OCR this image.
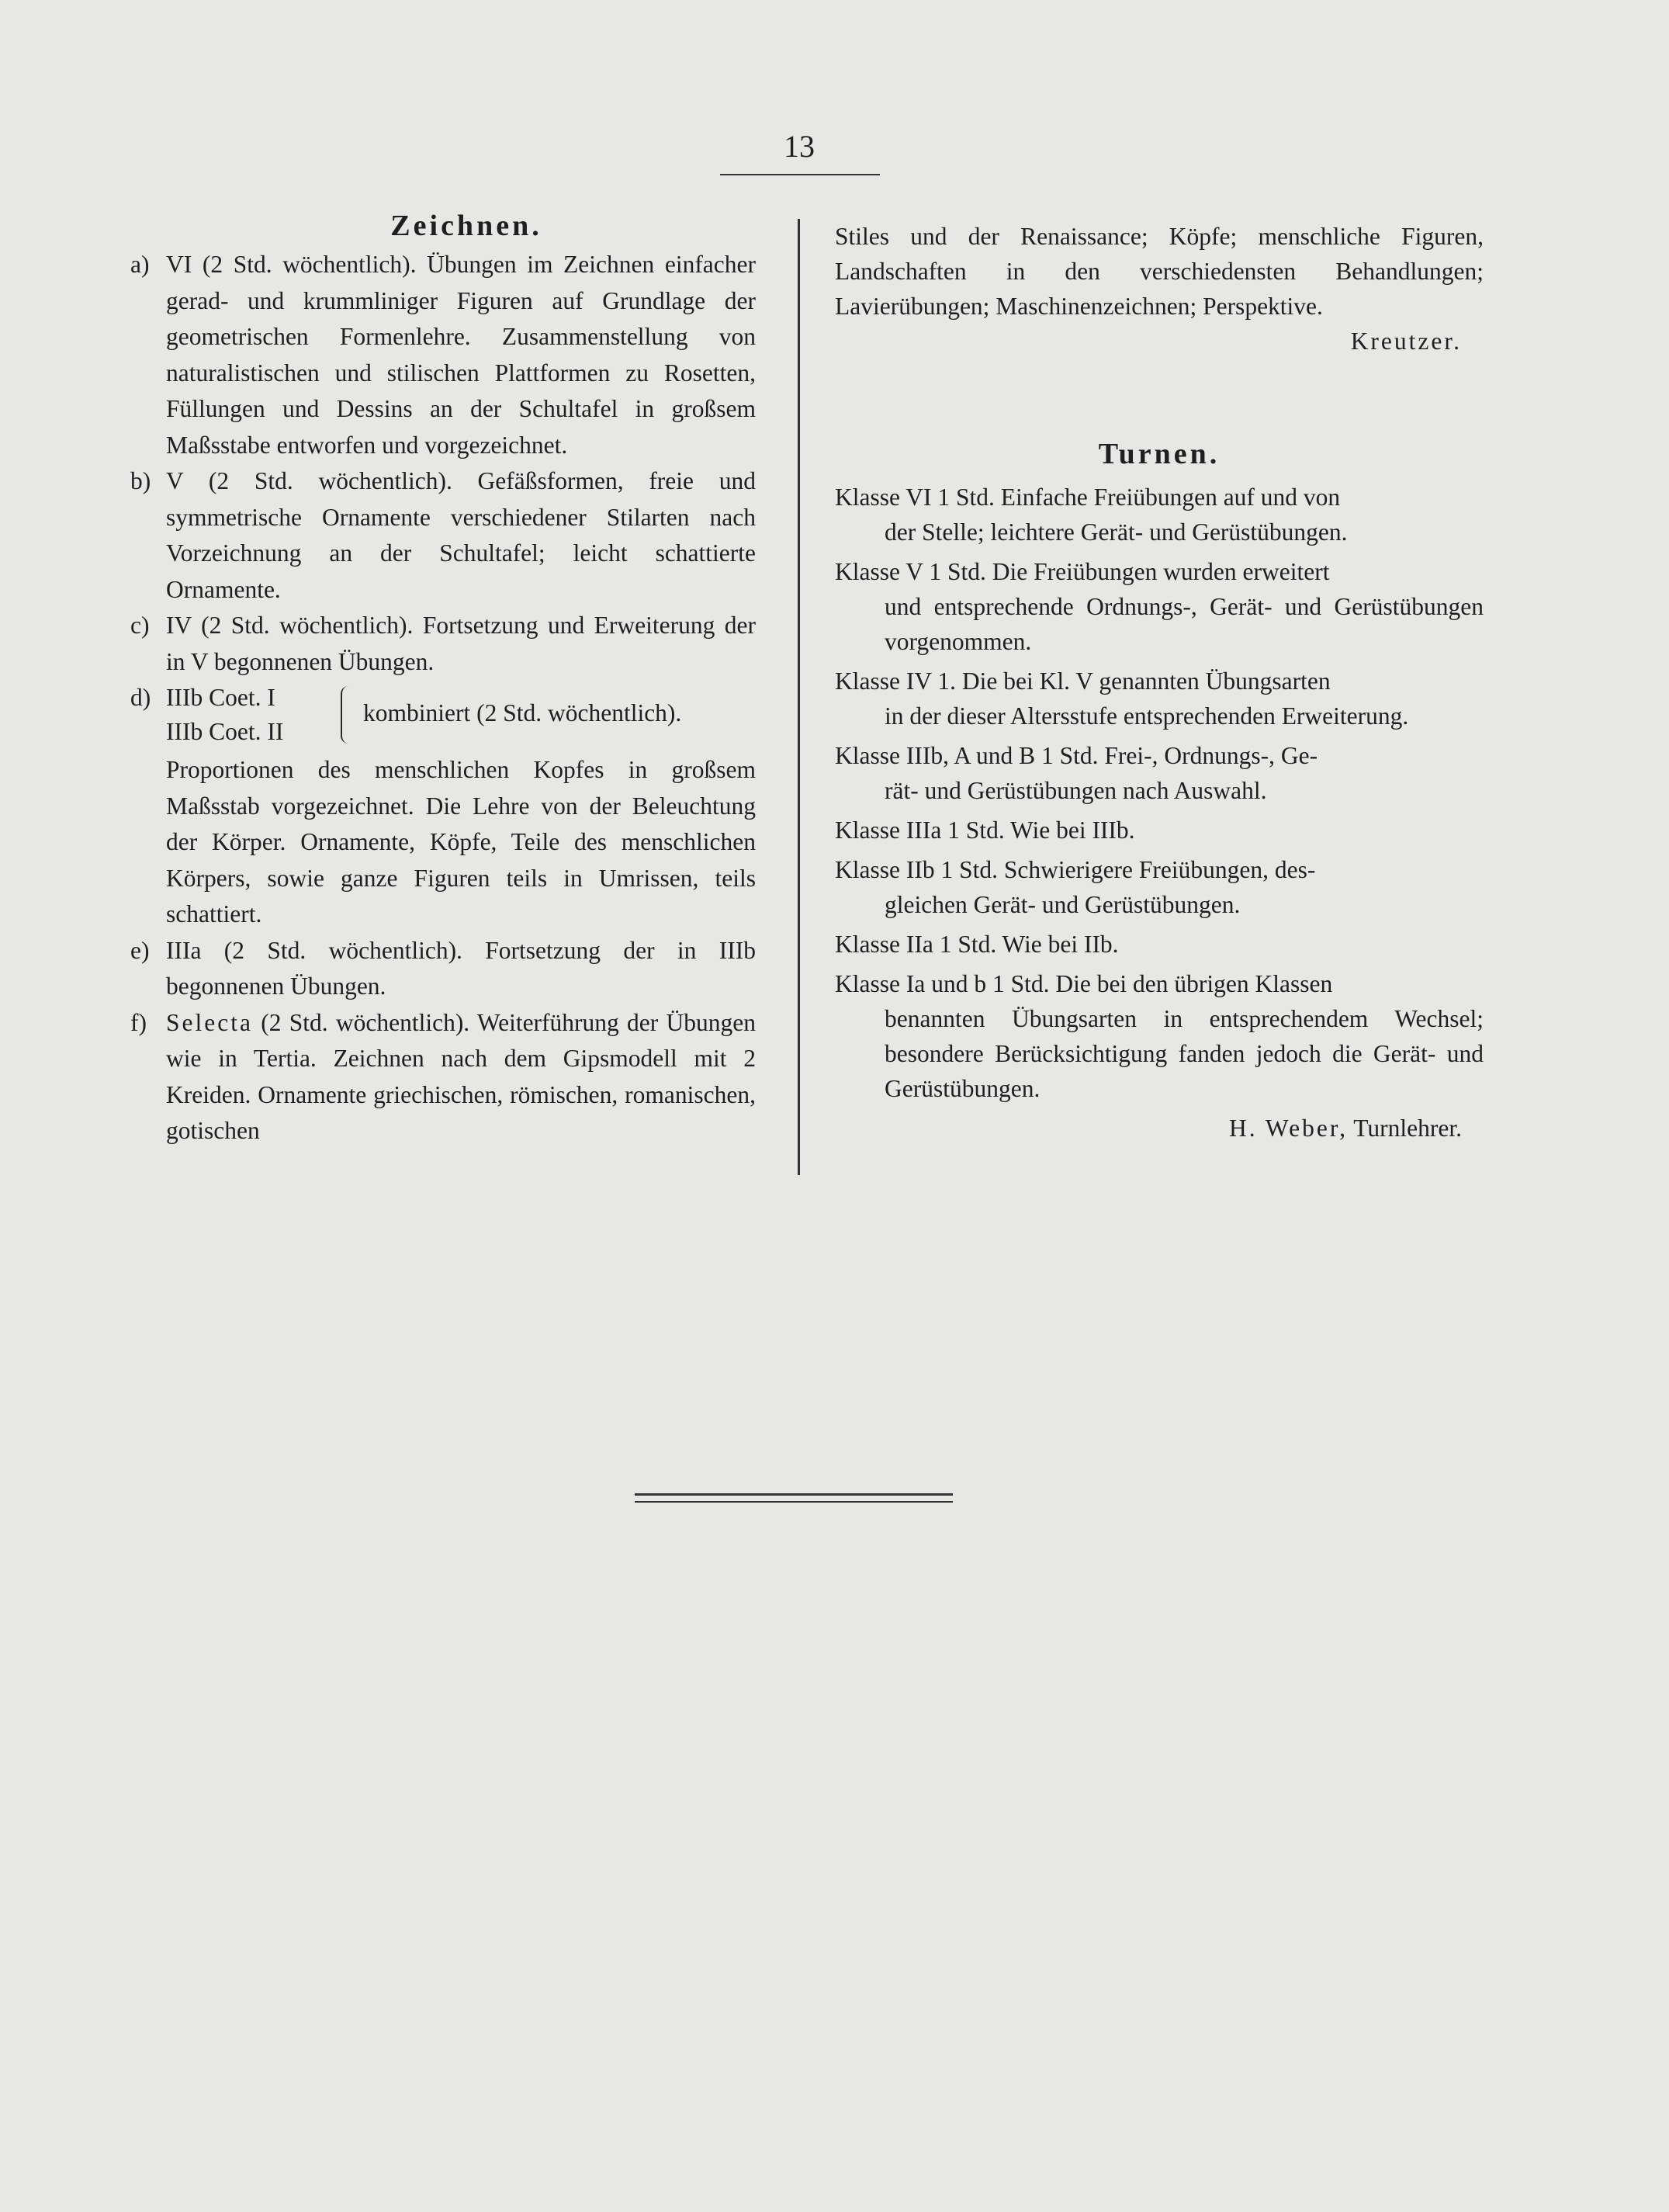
13
Zeichnen.
a) VI (2 Std. wöchentlich). Übungen im Zeichnen einfacher gerad- und krummliniger Figuren auf Grundlage der geometrischen Formenlehre. Zusammenstellung von naturalistischen und stilischen Plattformen zu Rosetten, Füllungen und Dessins an der Schultafel in großsem Maßsstabe entworfen und vorgezeichnet.

b) V (2 Std. wöchentlich). Gefäßsformen, freie und symmetrische Ornamente verschiedener Stilarten nach Vorzeichnung an der Schultafel; leicht schattierte Ornamente.

c) IV (2 Std. wöchentlich). Fortsetzung und Erweiterung der in V begonnenen Übungen.

d) IIIb Coet. I
IIIb Coet. II
kombiniert (2 Std. wöchentlich).

Proportionen des menschlichen Kopfes in großsem Maßsstab vorgezeichnet. Die Lehre von der Beleuchtung der Körper. Ornamente, Köpfe, Teile des menschlichen Körpers, sowie ganze Figuren teils in Umrissen, teils schattiert.

e) IIIa (2 Std. wöchentlich). Fortsetzung der in IIIb begonnenen Übungen.

f) Selecta (2 Std. wöchentlich). Weiterführung der Übungen wie in Tertia. Zeichnen nach dem Gipsmodell mit 2 Kreiden. Ornamente griechischen, römischen, romanischen, gotischen

Stiles und der Renaissance; Köpfe; menschliche Figuren, Landschaften in den verschiedensten Behandlungen; Lavierübungen; Maschinenzeichnen; Perspektive.

Kreutzer.

Turnen.

Klasse VI 1 Std. Einfache Freiübungen auf und von

der Stelle; leichtere Gerät- und Gerüstübungen.

Klasse V 1 Std. Die Freiübungen wurden erweitert

und entsprechende Ordnungs-, Gerät- und Gerüstübungen vorgenommen.

Klasse IV 1. Die bei Kl. V genannten Übungsarten

in der dieser Altersstufe entsprechenden Erweiterung.

Klasse IIIb, A und B 1 Std. Frei-, Ordnungs-, Ge-

rät- und Gerüstübungen nach Auswahl.

Klasse IIIa 1 Std. Wie bei IIIb.

Klasse IIb 1 Std. Schwierigere Freiübungen, des-

gleichen Gerät- und Gerüstübungen.

Klasse IIa 1 Std. Wie bei IIb.

Klasse Ia und b 1 Std. Die bei den übrigen Klassen

benannten Übungsarten in entsprechendem Wechsel; besondere Berücksichtigung fanden jedoch die Gerät- und Gerüstübungen.

H. Weber, Turnlehrer.
